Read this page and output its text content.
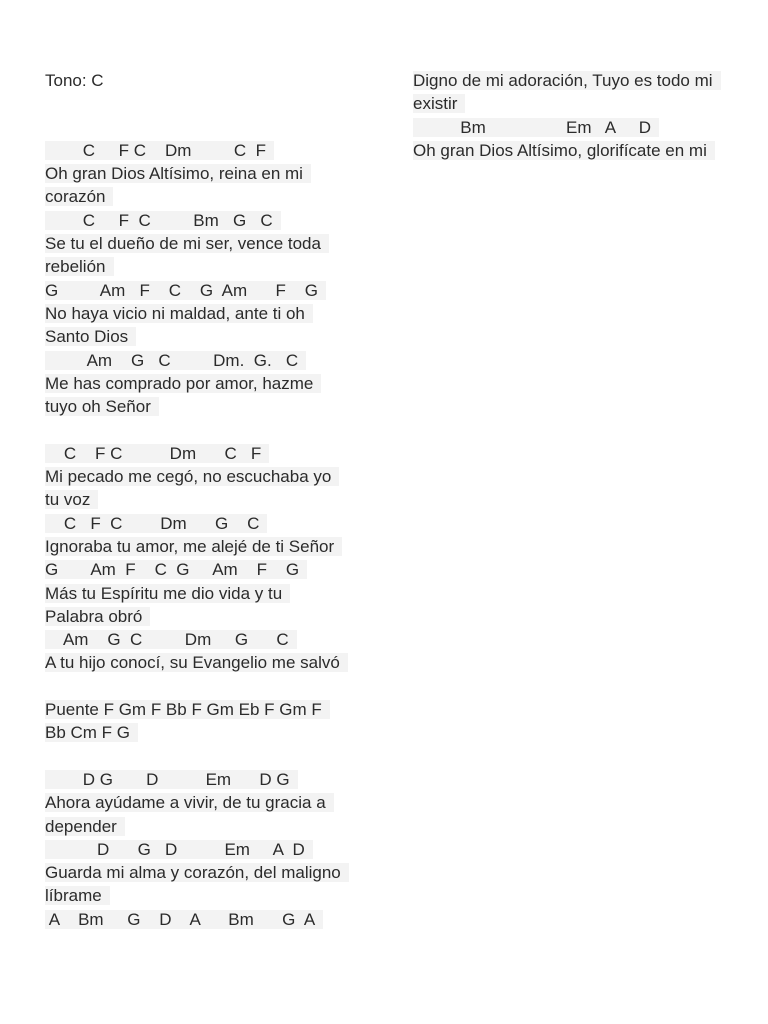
Tono: C
C     F C    Dm         C  F
Oh gran Dios Altísimo, reina en mi
corazón
C     F  C         Bm   G   C
Se tu el dueño de mi ser, vence toda
rebelión
G         Am   F    C    G  Am      F    G
No haya vicio ni maldad, ante ti oh
Santo Dios
Am    G   C         Dm.  G.   C
Me has comprado por amor, hazme
tuyo oh Señor
C    F C          Dm      C   F
Mi pecado me cegó, no escuchaba yo
tu voz
C   F  C        Dm      G    C
Ignoraba tu amor, me alejé de ti Señor
G       Am  F    C  G     Am    F    G
Más tu Espíritu me dio vida y tu
Palabra obró
Am    G  C         Dm     G      C
A tu hijo conocí, su Evangelio me salvó
Puente F Gm F Bb F Gm Eb F Gm F
Bb Cm F G
D G       D          Em      D G
Ahora ayúdame a vivir, de tu gracia a
depender
D      G   D          Em     A  D
Guarda mi alma y corazón, del maligno
líbrame
A    Bm     G    D    A      Bm      G  A
Digno de mi adoración, Tuyo es todo mi
existir
Bm                 Em   A     D
Oh gran Dios Altísimo, glorifícate en mi
